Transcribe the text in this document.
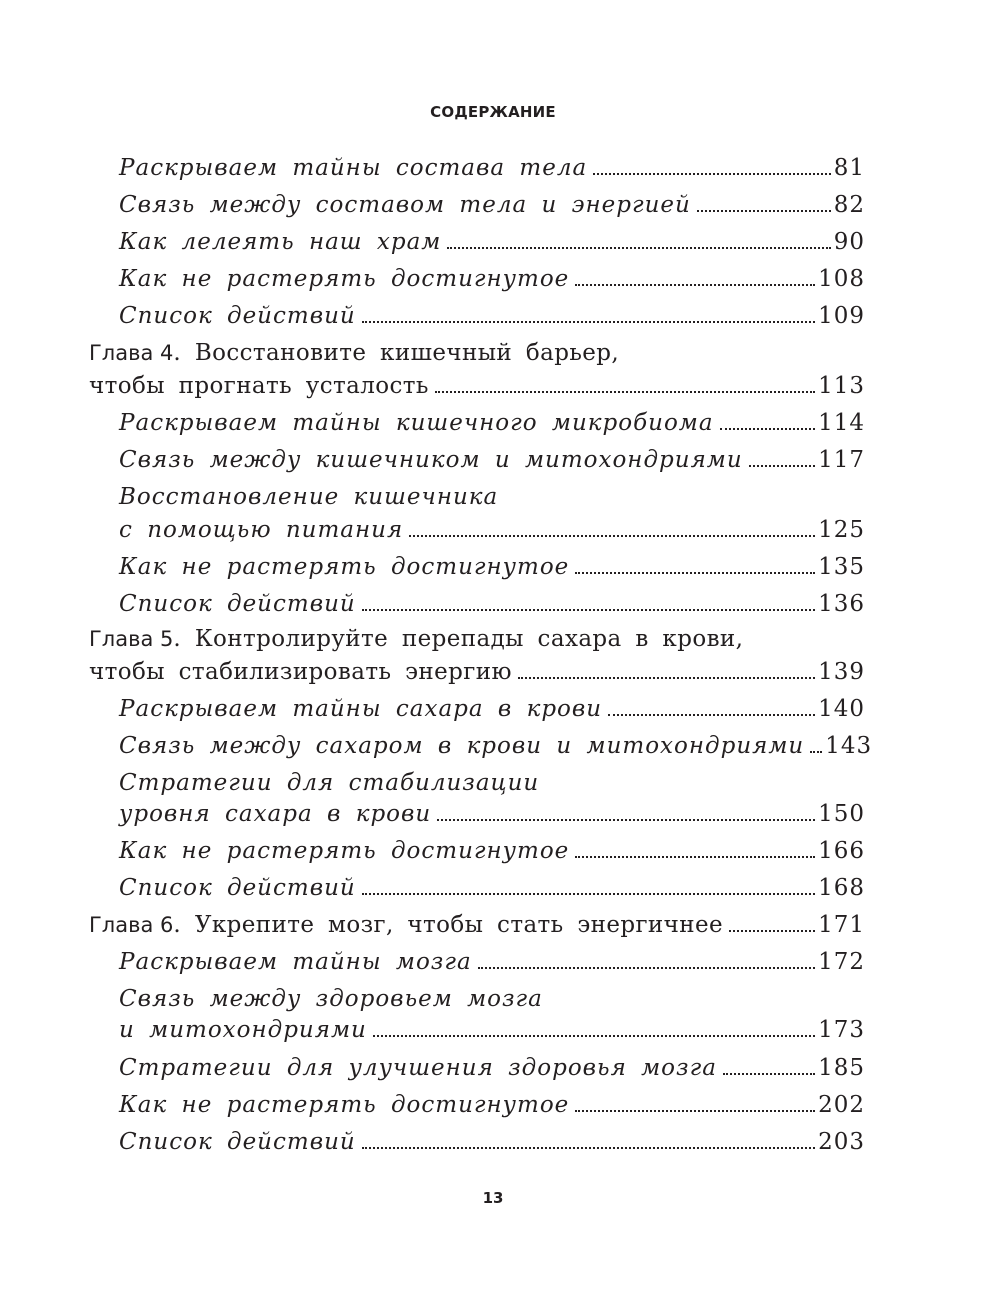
СОДЕРЖАНИЕ
Раскрываем тайны состава тела	81
Связь между составом тела и энергией	82
Как лелеять наш храм	90
Как не растерять достигнутое	108
Список действий	109
Глава 4 . Восстановите кишечный барьер,
чтобы прогнать усталость	113
Раскрываем тайны кишечного микробиома	114
Связь между кишечником и митохондриями	117
Восстановление кишечника
с помощью питания	125
Как не растерять достигнутое	135
Список действий	136
Глава 5 . Контролируйте перепады сахара в крови,
чтобы стабилизировать энергию	139
Раскрываем тайны сахара в крови	140
Связь между сахаром в крови и митохондриями 143
Стратегии для стабилизации
уровня сахара в крови	150
Как не растерять достигнутое	166
Список действий	168
Глава 6 . Укрепите мозг, чтобы стать энергичнее	171
Раскрываем тайны мозга	172
Связь между здоровьем мозга
и митохондриями	173
Стратегии для улучшения здоровья мозга	185
Как не растерять достигнутое	202
Список действий	203
13
